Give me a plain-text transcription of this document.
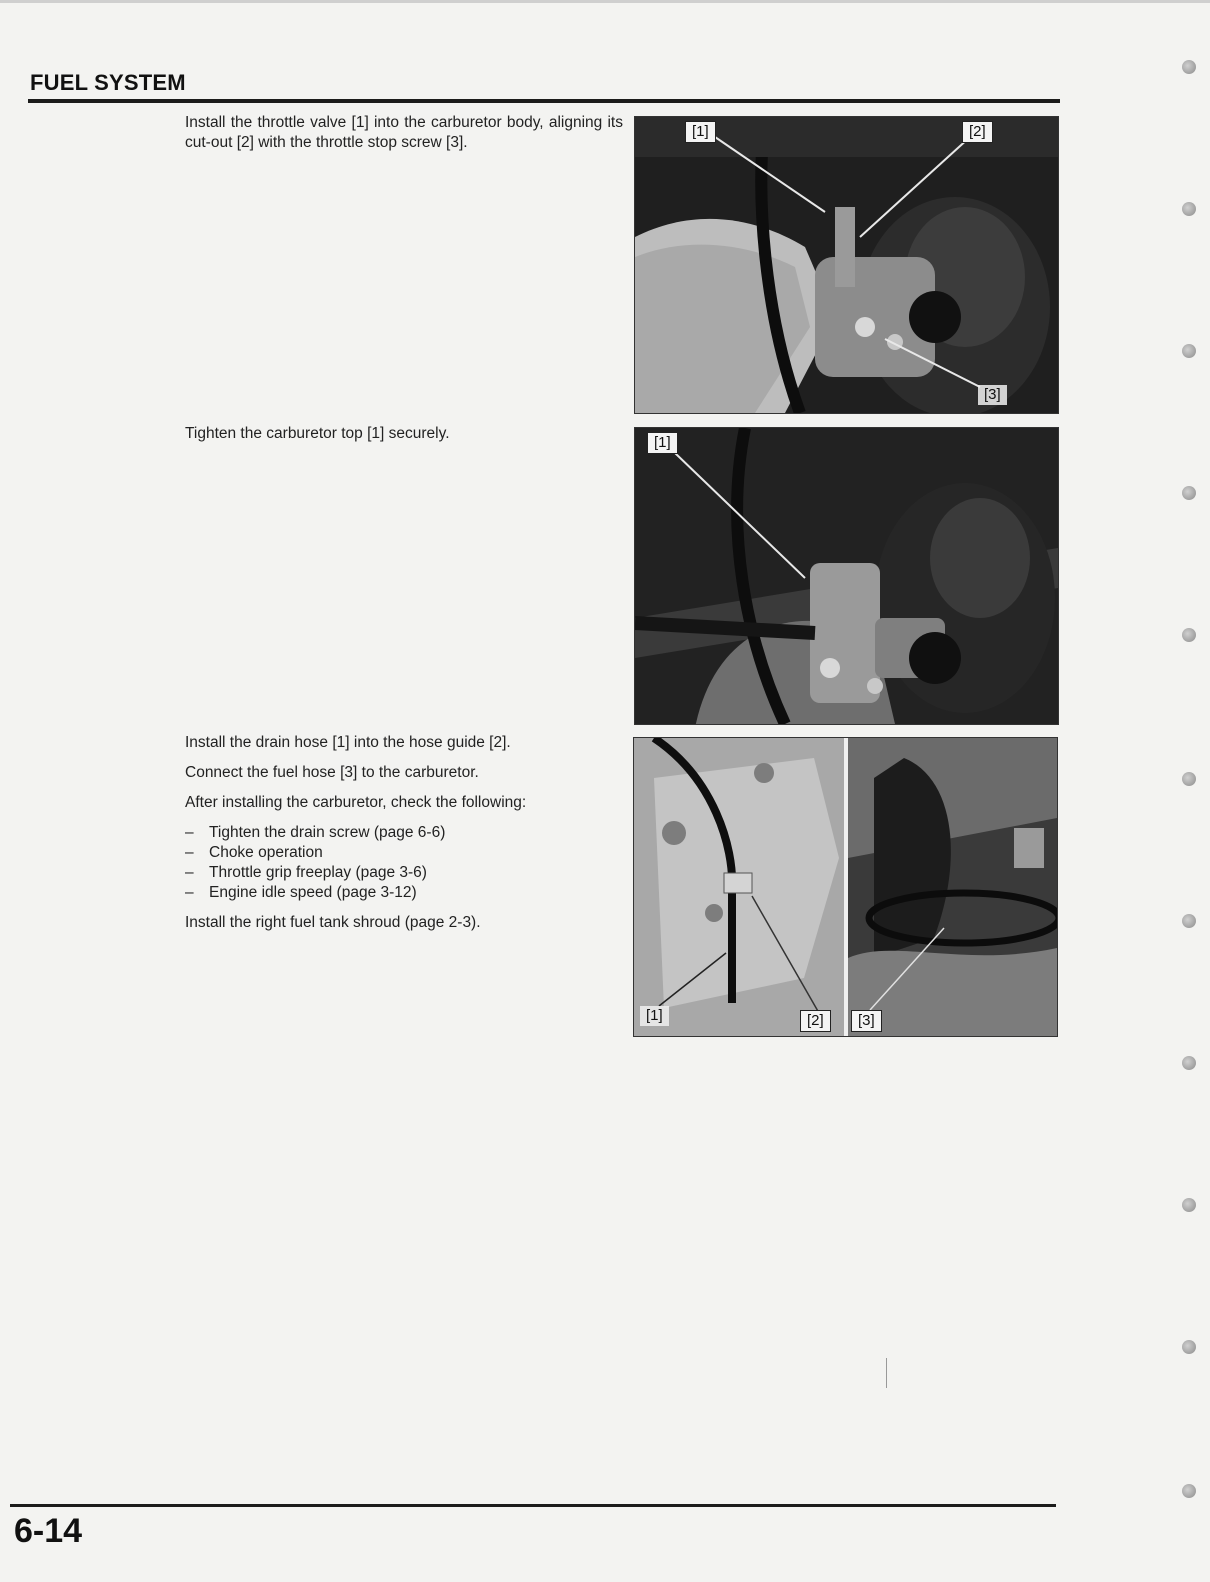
FUEL SYSTEM
Install the throttle valve [1] into the carburetor body, aligning its cut-out [2] with the throttle stop screw [3].
[1]	[2]
[3]
Tighten the carburetor top [1] securely.
[1]

Install the drain hose [1] into the hose guide [2].

Connect the fuel hose [3] to the carburetor.

After installing the carburetor, check the following:

– Tighten the drain screw (page 6-6)
– Choke operation
– Throttle grip freeplay (page 3-6)
– Engine idle speed (page 3-12)

Install the right fuel tank shroud (page 2-3).

[1]	[2]	[3]
6-14
